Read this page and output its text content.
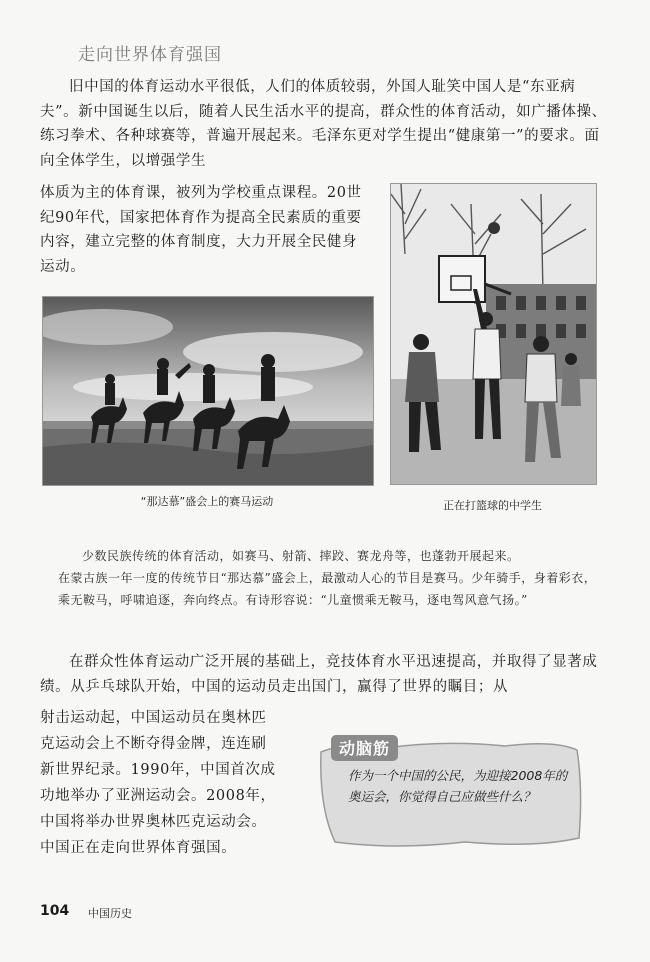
走向世界体育强国

旧中国的体育运动水平很低，人们的体质较弱，外国人耻笑中国人是“东亚病夫”。新中国诞生以后，随着人民生活水平的提高，群众性的体育活动，如广播体操、练习拳术、各种球赛等，普遍开展起来。毛泽东更对学生提出“健康第一”的要求。面向全体学生，以增强学生

体质为主的体育课，被列为学校重点课程。20世纪90年代，国家把体育作为提高全民素质的重要内容，建立完整的体育制度，大力开展全民健身运动。

“那达慕”盛会上的赛马运动	正在打篮球的中学生
少数民族传统的体育活动，如赛马、射箭、摔跤、赛龙舟等，也蓬勃开展起来。
在蒙古族一年一度的传统节日“那达慕”盛会上，最激动人心的节目是赛马。少年骑手，身着彩衣，乘无鞍马，呼啸追逐，奔向终点。有诗形容说：“儿童惯乘无鞍马，逐电驾风意气扬。”

在群众性体育运动广泛开展的基础上，竞技体育水平迅速提高，并取得了显著成绩。从乒乓球队开始，中国的运动员走出国门，赢得了世界的瞩目；从

射击运动起，中国运动员在奥林匹克运动会上不断夺得金牌，连连刷新世界纪录。1990年，中国首次成功地举办了亚洲运动会。2008年，中国将举办世界奥林匹克运动会。中国正在走向世界体育强国。

动脑筋
作为一个中国的公民，为迎接2008年的奥运会，你觉得自己应做些什么？
104 中国历史
